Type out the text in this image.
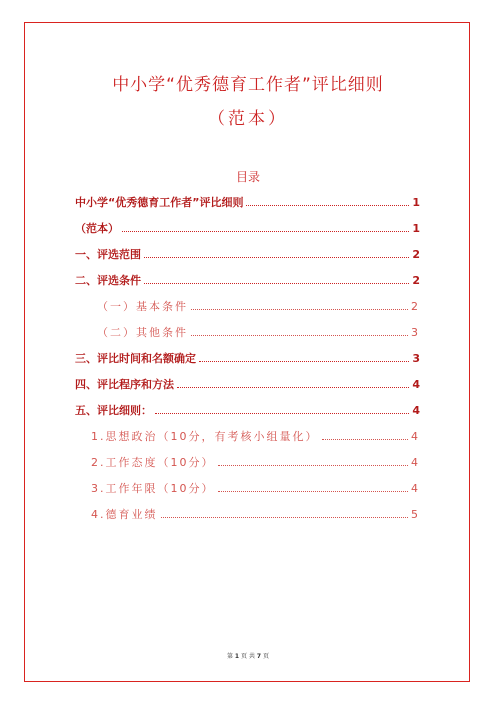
中小学“优秀德育工作者”评比细则
（范本）
目录
中小学“优秀德育工作者”评比细则	1
（范本）	1
一、评选范围	2
二、评选条件	2
（一）基本条件	2
（二）其他条件	3
三、评比时间和名额确定	3
四、评比程序和方法	4
五、评比细则：	4
1.思想政治（10分，有考核小组量化）	4
2.工作态度（10分）	4
3.工作年限（10分）	4
4.德育业绩	5
第 1 页 共 7 页
